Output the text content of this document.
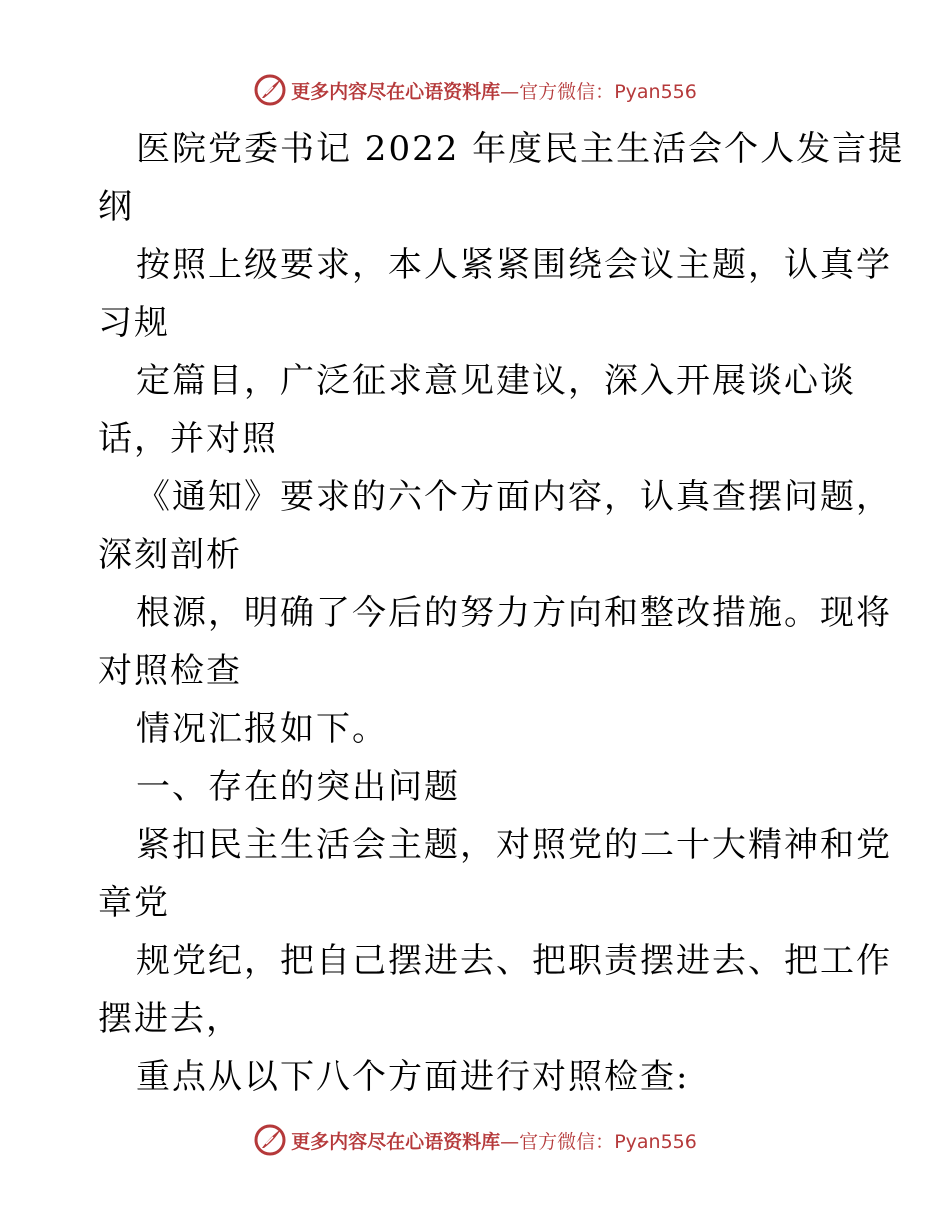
更多内容尽在心语资料库—官方微信：Pyan556
医院党委书记 2022 年度民主生活会个人发言提
纲
按照上级要求，本人紧紧围绕会议主题，认真学
习规
定篇目，广泛征求意见建议，深入开展谈心谈
话，并对照
《通知》要求的六个方面内容，认真查摆问题，
深刻剖析
根源，明确了今后的努力方向和整改措施。现将
对照检查
情况汇报如下。
一、存在的突出问题
紧扣民主生活会主题，对照党的二十大精神和党
章党
规党纪，把自己摆进去、把职责摆进去、把工作
摆进去，
重点从以下八个方面进行对照检查:
更多内容尽在心语资料库—官方微信：Pyan556
